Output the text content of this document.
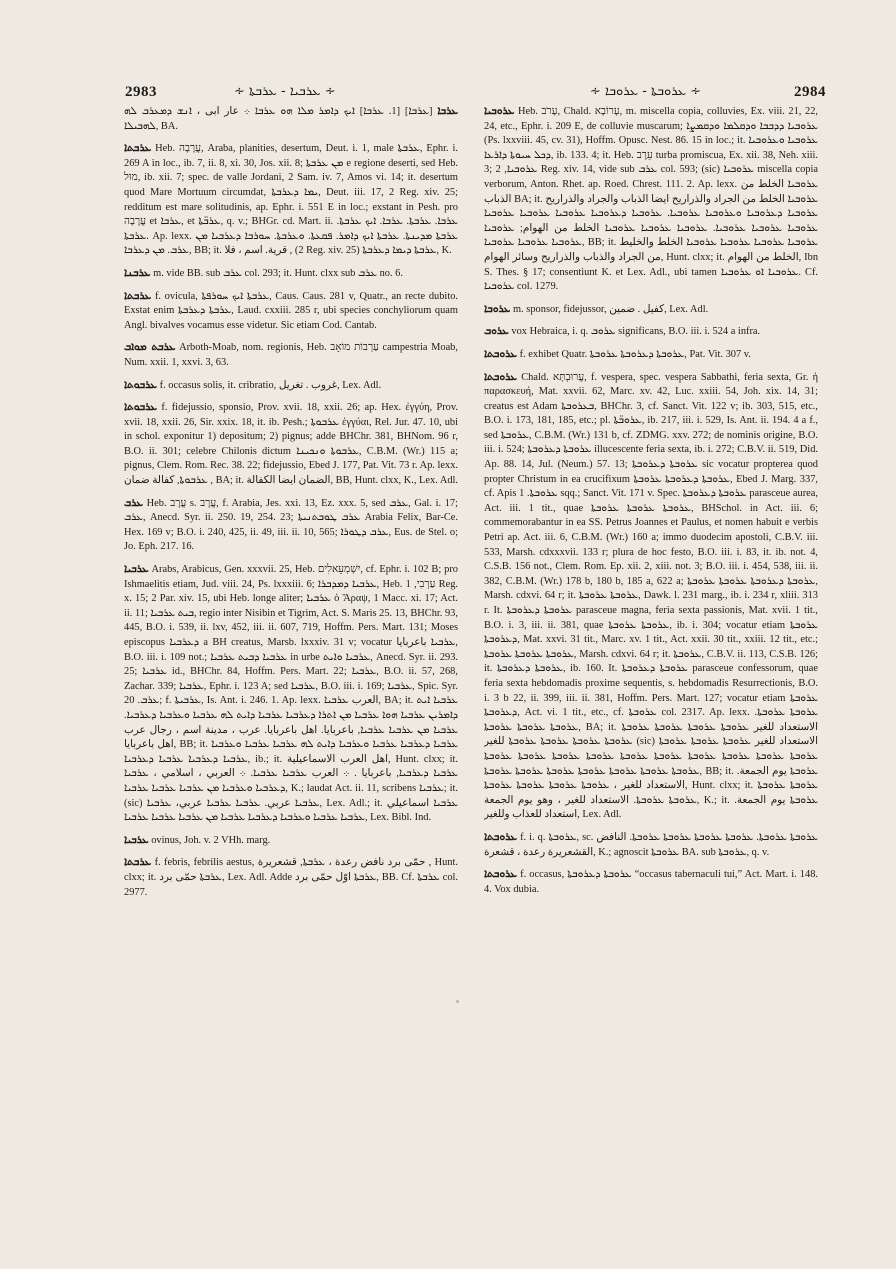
2983	∻ ܥܪܒܝܐ - ܥܪܒܬܐ ∻	∻ ܥܪܘܒܬܐ - ܥܪܘܒܐ ∻	2984

ܥܪܒܐ [ܥܪܒܐ] [1. ܥܪܒܐ] ܐܝܟ ܕܐܡܪ ܡܠܐ ܗܘ ܥܪܒܐ ܀ عار ابى ، ܐܢܫ ܕܡܥܪܒ ܠܗ ܠܗܒܝܠܐ, BA.

ܥܪܒܬܐ Heb. עֲרָבָה, Araba, planities, desertum, Deut. i. 1, male ܥܪܒܬܐ, Ephr. i. 269 A in loc., ib. 7, ii. 8, xi. 30, Jos. xii. 8; ܡܢ ܥܪܒܬܐ e regione deserti, sed Heb. מוּל, ib. xii. 7; spec. de valle Jordani, 2 Sam. iv. 7, Amos vi. 14; it. desertum quod Mare Mortuum circumdat, ܝܡܐ ܕܥܪܒܬܐ, Deut. iii. 17, 2 Reg. xiv. 25; redditum est mare solitudinis, ap. Ephr. i. 551 E in loc.; exstant in Pesh. pro עֲרָבָה et ܥܪܒܐ, et ܥܪܒ̈ܬܐ, q. v.; BHGr. cd. Mart. ii. ܥܪܒܐ. ܥܪܒܬܐ. ܥܪܒܐ. ܐܝܟ ܥܪܒܬܐ. ܥܪܒܬܐ. Ap. lexx. ܥܪܒܬܐ ܡܕܝܢܬܐ. ܥܪܒܬܐ ܐܝܟ ܕܐܡܪ. ܦܩܥܬܐ. ܘܥܪܒܬܐ. ܚܘܪܒܐ ܕܥܪܒܝܐ ܡܢ ܥܪܒ. ܡܢ ܕܥܪܒܐ, BB; it. قرية. اسم ، فلا , (2 Reg. xiv. 25) ܥܪܒܬܐ ܕܝܡܐ ܕܥܪܒܬܐ, K.

ܥܪܒܢܐ m. vide BB. sub ܥܪܒ col. 293; it. Hunt. clxx sub ܥܪܒ no. 6.

ܥܪܒܬܐ f. ovicula, ܥܪܒܬܐ ܐܝܟ ܚܘܪܦܬܐ, Caus. Caus. 281 v, Quatr., an recte dubito. Exstat enim ܥܪܒܬܐ ܕܥܪܒܬܐ, Laud. cxxiii. 285 r, ubi species conchyliorum quam Angl. bivalves vocamus esse videtur. Sic etiam Cod. Cantab.

ܥܪܒܬ ܡܘܐܒ Arboth-Moab, nom. regionis, Heb. עַרְבוֹת מוֹאָב campestria Moab, Num. xxii. 1, xxvi. 3, 63.

ܥܪܒܘܬܐ f. occasus solis, it. cribratio, غروب . تغريل, Lex. Adl.

ܥܪܒܘܬܐ f. fidejussio, sponsio, Prov. xvii. 18, xxii. 26; ap. Hex. ἐγγύη, Prov. xvii. 18, xxii. 26, Sir. xxix. 18, it. ib. Pesh.; ܥܪܒܘܬܐ ἐγγύαι, Rel. Jur. 47. 10, ubi in schol. exponitur 1) depositum; 2) pignus; adde BHChr. 381, BHNom. 96 r, B.O. ii. 301; celebre Chilonis dictum ܥܪܒܘܬܐ ܘܢܟܝܢܐ, C.B.M. (Wr.) 115 a; pignus, Clem. Rom. Rec. 38. 22; fidejussio, Ebed J. 177, Pat. Vit. 73 r. Ap. lexx. ܥܪܒܘܬܐ, كفالة ضمان , BA; it. الضمان ايضا الكفالة, BB, Hunt. clxx, K., Lex. Adl.

ܥܪܒ Heb. עֲרָב s. עֲרָב, f. Arabia, Jes. xxi. 13, Ez. xxx. 5, sed ܥܪܒ, Gal. i. 17; ܥܪܒ, Anecd. Syr. ii. 250. 19, 254. 23; ܥܪܒ ܛܘܒܬܢܝܬܐ Arabia Felix, Bar-Ce. Hex. 169 v; B.O. i. 240, 425, ii. 49, iii. ii. 10, 565; ܥܪܒ ܕܛܘܪܐ, Eus. de Stel. o; Jo. Eph. 217. 16.

ܥܪܒܝܐ Arabs, Arabicus, Gen. xxxvii. 25, Heb. יִשְׁמְעֵאלִים, cf. Ephr. i. 102 B; pro Ishmaelitis etiam, Jud. viii. 24, Ps. lxxxiii. 6; ܥܪܒܝܐ ܕܡܕܒܪܐ, Heb. עַרְבִי, 1 Reg. x. 15; 2 Par. xiv. 15, ubi Heb. longe aliter; ܥܪܒܝܐ ὁ Ἄραψ, 1 Macc. xi. 17; Act. ii. 11; ܒܝܬ ܥܪܒܝܐ, regio inter Nisibin et Tigrim, Act. S. Maris 25. 13, BHChr. 93, 445, B.O. i. 539, ii. lxv, 452, iii. ii. 607, 719, Hoffm. Pers. Mart. 131; Moses episcopus ܕܥܪܒܝܐ a BH creatus, Marsb. lxxxiv. 31 v; vocatur ܥܪܒܝܐ باعربايا, B.O. iii. i. 109 not.; ܥܪܒܝܐ ܕܒܝܬ ܥܪܒܝܐ in urbe ܥܪܒܝܐ ܘܐܝܬ, Anecd. Syr. ii. 293. 25; ܥܪܒܝܐ id., BHChr. 84, Hoffm. Pers. Mart. 22; ܥܪܒܝܐ, B.O. ii. 57, 268, Zachar. 339; ܥܪܒܝܐ, Ephr. i. 123 A; sed ܥܪܒܝܐ, B.O. iii. i. 169; ܥܪܒܝܐ, Spic. Syr. ܥܪܒ. 20; f. ܥܪܒܝܬܐ, Is. Ant. i. 246. 1. Ap. lexx. العرب ܥܪܒܝܐ, BA; it. ܥܪܒܝܐ ܐܝܬ ܕܐܡܪܝܢ ܥܪܒܝܐ ܗܘܐ ܥܪܒܝܐ ܡܢ ܐܬܪܐ ܕܥܪܒܝܐ ܥܪܒܝܐ ܕܐܝܬ ܠܗ ܥܪܒܝܐ ܘܥܪܒܝܐ ܕܥܪܒܝܐ. ܥܪܒܝܐ ܡܢ ܥܪܒܝܐ ܥܪܒܝܐ, باعربايا. اهل باعربايا. عرب ، مدينة اسم ، رجال عرب اهل باعربايا, BB; it. ܥܪܒܝܐ ܕܥܪܒܝܐ ܥܪܒܝܐ ܘܥܪܒܝܐ ܕܐܝܬ ܠܗ ܥܪܒܝܐ ܥܪܒܝܐ ܘܥܪܒܝܐ ܥܪܒܝܐ ܕܥܪܒܝܐ ܥܪܒܝܐ ܕܥܪܒܝܐ, ib.; it. اهل العرب الاسماعيلية, Hunt. clxx; it. ܥܪܒܝܐ ܕܥܪܒܝܐ, باعربايا . ܀ العرب ܥܪܒܝܐ ܥܪܒܝܐ. ܀ العربي ، اسلامي ، ܥܪܒܝܐ ܕܥܪܒܝܐ ܘܥܪܒܝܐ ܡܢ ܥܪܒܝܐ ܥܪܒܝܐ ܥܪܒܝܐ, K.; laudat Act. ii. 11, scribens ܥܪܒܝܐ; it. (sic) ܥܪܒܝܐ عربي. ܥܪܒܝܐ ܥܪܒܝܐ عربي، ܥܪܒܝܐ, Lex. Adl.; it. ܥܪܒܝܐ اسماعيلي ܥܪܒܝܐ ܥܪܒܝܐ ܘܥܪܒܝܐ ܕܥܪܒܝܐ ܥܪܒܝܐ ܡܢ ܥܪܒܝܐ ܥܪܒܝܐ ܥܪܒܝܐ, Lex. Bibl. Ind.

ܥܪܒܝܐ ovinus, Joh. v. 2 VHh. marg.

ܥܪܒܬܐ f. febris, febrilis aestus, حمّى برد نافض رعدة ، ܥܪܒܬܐ, قشعريرة , Hunt. clxx; it. ܥܪܒܬܐ حمّى برد, Lex. Adl. Adde ܥܪܒܬܐ اوّل حمّى برد, BB. Cf. ܥܪܒܬܐ col. 2977.

ܥܪܘܒܝܐ Heb. עָרֹב, Chald. עָרוֹבָא, m. miscella copia, colluvies, Ex. viii. 21, 22, 24, etc., Ephr. i. 209 E, de colluvie muscarum; ܥܪܘܒܝܐ ܕܕܒܒܐ ܘܕܩܠܡܐ ܘܕܩܡܨܐ (Ps. lxxviii. 45, cv. 31), Hoffm. Opusc. Nest. 86. 15 in loc.; it. ܥܪܘܒܝܐ ܘܥܪܘܒܝܐ ܕܟܠ ܚܝܘܬܐ ܕܐܪܥܐ, ib. 133. 4; it. Heb. עֵרֶב turba promiscua, Ex. xii. 38, Neh. xiii. 3; ܥܪܘܒܝܐ, 2 Reg. xiv. 14, vide sub ܥܪܒ col. 593; (sic) ܥܪܘܒܝܐ miscella copia verborum, Anton. Rhet. ap. Roed. Chrest. 111. 2. Ap. lexx. ܥܪܘܒܝܐ الخلط من الذباب BA; it. ܥܪܘܒܝܐ الخلط من الجراد والذراريح ايضا الذباب والجراد والذراريح ܥܪܘܒܝܐ ܕܥܪܘܒܝܐ ܘܥܪܘܒܝܐ ܥܪܘܒܝܐ. ܥܪܘܒܝܐ ܕܥܪܘܒܝܐ ܥܪܘܒܝܐ ܥܪܘܒܝܐ ܥܪܘܒܝܐ ܥܪܘܒܝܐ ܥܪܘܒܝܐ ܥܪܘܒܝܐ. ܥܪܘܒܝܐ ܥܪܘܒܝܐ ܥܪܘܒܝܐ الخلط من الهوام; ܥܪܘܒܝܐ ܥܪܘܒܝܐ ܥܪܘܒܝܐ ܥܪܘܒܝܐ, BB; it. ܥܪܘܒܝܐ ܥܪܘܒܝܐ ܥܪܘܒܝܐ ܥܪܘܒܝܐ الخلط والخليط من الجراد والذباب والذراريح وسائر الهوام, Hunt. clxx; it. الخلط من الهوام, Ibn S. Thes. § 17; consentiunt K. et Lex. Adl., ubi tamen ܥܪܘܒܝܐ ܐܘ ܥܪܘܒܝܐ. Cf. ܥܪܘܒܝܐ col. 1279.

ܥܪܘܒܐ m. sponsor, fidejussor, كفيل . ضمين, Lex. Adl.

ܥܪܘܒ vox Hebraica, i. q. ܥܪܘܒ significans, B.O. iii. i. 524 a infra.

ܥܪܘܒܬܐ f. exhibet Quatr. ܥܪܘܒܬܐ ܕܥܪܘܒܬܐ ܥܪܘܒܬܐ, Pat. Vit. 307 v.

ܥܪܘܒܬܐ Chald. עֲרוּבְתָּא, f. vespera, spec. vespera Sabbathi, feria sexta, Gr. ἡ παρασκευή, Mat. xxvii. 62, Marc. xv. 42, Luc. xxiii. 54, Joh. xix. 14, 31; creatus est Adam ܒܥܪܘܒܬܐ, BHChr. 3, cf. Sanct. Vit. 122 v; ib. 303, 515, etc., B.O. i. 173, 181, 185, etc.; pl. ܥܪܘܒ̈ܬܐ, ib. 217, iii. i. 529, Is. Ant. ii. 194. 4 a f., sed ܥܪܘܒܬܐ, C.B.M. (Wr.) 131 b, cf. ZDMG. xxv. 272; de nominis origine, B.O. iii. i. 524; ܥܪܘܒܬܐ ܕܥܪܘܒܬܐ illucescente feria sexta, ib. i. 272; C.B.V. ii. 519, Did. Ap. 88. 14, Jul. (Neum.) 57. 13; ܥܪܘܒܬܐ ܕܥܪܘܒܬܐ sic vocatur propterea quod propter Christum in ea crucifixum ܥܪܘܒܬܐ ܕܥܪܘܒܬܐ ܥܪܘܒܬܐ, Ebed J. Marg. 337, cf. Apis ܥܪܘܒܬܐ. 1 sqq.; Sanct. Vit. 171 v. Spec. ܥܪܘܒܬܐ ܕܥܪܘܒܬܐ parasceue aurea, Act. iii. 1 tit., quae ܥܪܘܒܬܐ ܥܪܘܒܬܐ ܥܪܘܒܬܐ, BHSchol. in Act. iii. 6; commemorabantur in ea SS. Petrus Joannes et Paulus, et nomen habuit e verbis Petri ap. Act. iii. 6, C.B.M. (Wr.) 160 a; immo duodecim apostoli, C.B.V. iii. 533, Marsh. cdxxxvii. 133 r; plura de hoc festo, B.O. iii. i. 83, it. ib. not. 4, C.S.B. 156 not., Clem. Rom. Ep. xii. 2, xiii. not. 3; B.O. iii. i. 454, 538, iii. ii. 382, C.B.M. (Wr.) 178 b, 180 b, 185 a, 622 a; ܥܪܘܒܬܐ ܕܥܪܘܒܬܐ ܥܪܘܒܬܐ ܥܪܘܒܬܐ, Marsh. cdxvi. 64 r; it. ܥܪܘܒܬܐ ܥܪܘܒܬܐ, Dawk. l. 231 marg., ib. i. 234 r, xliii. 313 r. It. ܥܪܘܒܬܐ ܕܥܪܘܒܬܐ parasceue magna, feria sexta passionis, Mat. xvii. 1 tit., B.O. i. 3, iii. ii. 381, quae ܥܪܘܒܬܐ ܥܪܘܒܬܐ, ib. i. 304; vocatur etiam ܥܪܘܒܬܐ ܕܥܪܘܒܬܐ, Mat. xxvi. 31 tit., Marc. xv. 1 tit., Act. xxii. 30 tit., xxiii. 12 tit., etc.; ܥܪܘܒܬܐ ܥܪܘܒܬܐ ܥܪܘܒܬܐ, Marsh. cdxvi. 64 r; it. ܥܪܘܒܬܐ, C.B.V. ii. 113, C.S.B. 126; it. ܥܪܘܒܬܐ ܕܥܪܘܒܬܐ, ib. 160. It. ܥܪܘܒܬܐ ܕܥܪܘܒܬܐ parasceue confessorum, quae feria sexta hebdomadis proxime sequentis, s. hebdomadis Resurrectionis, B.O. i. 3 b 22, ii. 399, iii. ii. 381, Hoffm. Pers. Mart. 127; vocatur etiam ܥܪܘܒܬܐ ܕܥܪܘܒܬܐ, Act. vi. 1 tit., etc., cf. ܥܪܘܒܬܐ col. 2317. Ap. lexx. ܥܪܘܒܬܐ ܥܪܘܒܬܐ. ܥܪܘܒܬܐ ܥܪܘܒܬܐ ܥܪܘܒܬܐ, BA; it. الاستعداد للغير ܥܪܘܒܬܐ ܥܪܘܒܬܐ ܥܪܘܒܬܐ ܥܪܘܒܬܐ ܥܪܘܒܬܐ ܥܪܘܒܬܐ ܥܪܘܒܬܐ ܥܪܘܒܬܐ للغير (sic) الاستعداد للغير ܥܪܘܒܬܐ ܥܪܘܒܬܐ ܥܪܘܒܬܐ ܥܪܘܒܬܐ ܥܪܘܒܬܐ ܥܪܘܒܬܐ ܥܪܘܒܬܐ ܥܪܘܒܬܐ ܥܪܘܒܬܐ ܥܪܘܒܬܐ ܥܪܘܒܬܐ ܥܪܘܒܬܐ ܥܪܘܒܬܐ ܥܪܘܒܬܐ ܥܪܘܒܬܐ ܥܪܘܒܬܐ ܥܪܘܒܬܐ ܥܪܘܒܬܐ ܥܪܘܒܬܐ ܥܪܘܒܬܐ, BB; it. ܥܪܘܒܬܐ يوم الجمعة. الاستعداد للغير ، ܥܪܘܒܬܐ ܥܪܘܒܬܐ ܥܪܘܒܬܐ ܥܪܘܒܬܐ, Hunt. clxx; it. ܥܪܘܒܬܐ ܥܪܘܒܬܐ ܥܪܘܒܬܐ ܥܪܘܒܬܐ. الاستعداد للغير ، وهو يوم الجمعة, K.; it. ܥܪܘܒܬܐ يوم الجمعة. استعداد للعذاب وللغير, Lex. Adl.

ܥܪܘܒܬܐ f. i. q. ܥܪܘܒܬܐ, sc. ܥܪܘܒܬܐ ܥܪܘܒܬܐ. ܥܪܘܒܬܐ ܥܪܘܒܬܐ ܥܪܘܒܬܐ ܥܪܘܒܬܐ. النافض القشعريرة رعدة ، قشعرة, K.; agnoscit ܥܪܘܒܬܐ BA. sub ܥܪܘܒܬܐ, q. v.

ܥܪܘܒܬܐ f. occasus, ܥܪܘܒܬܐ ܕܥܪܘܒܬܐ “occasus tabernaculi tui,” Act. Mart. i. 148. 4. Vox dubia.
